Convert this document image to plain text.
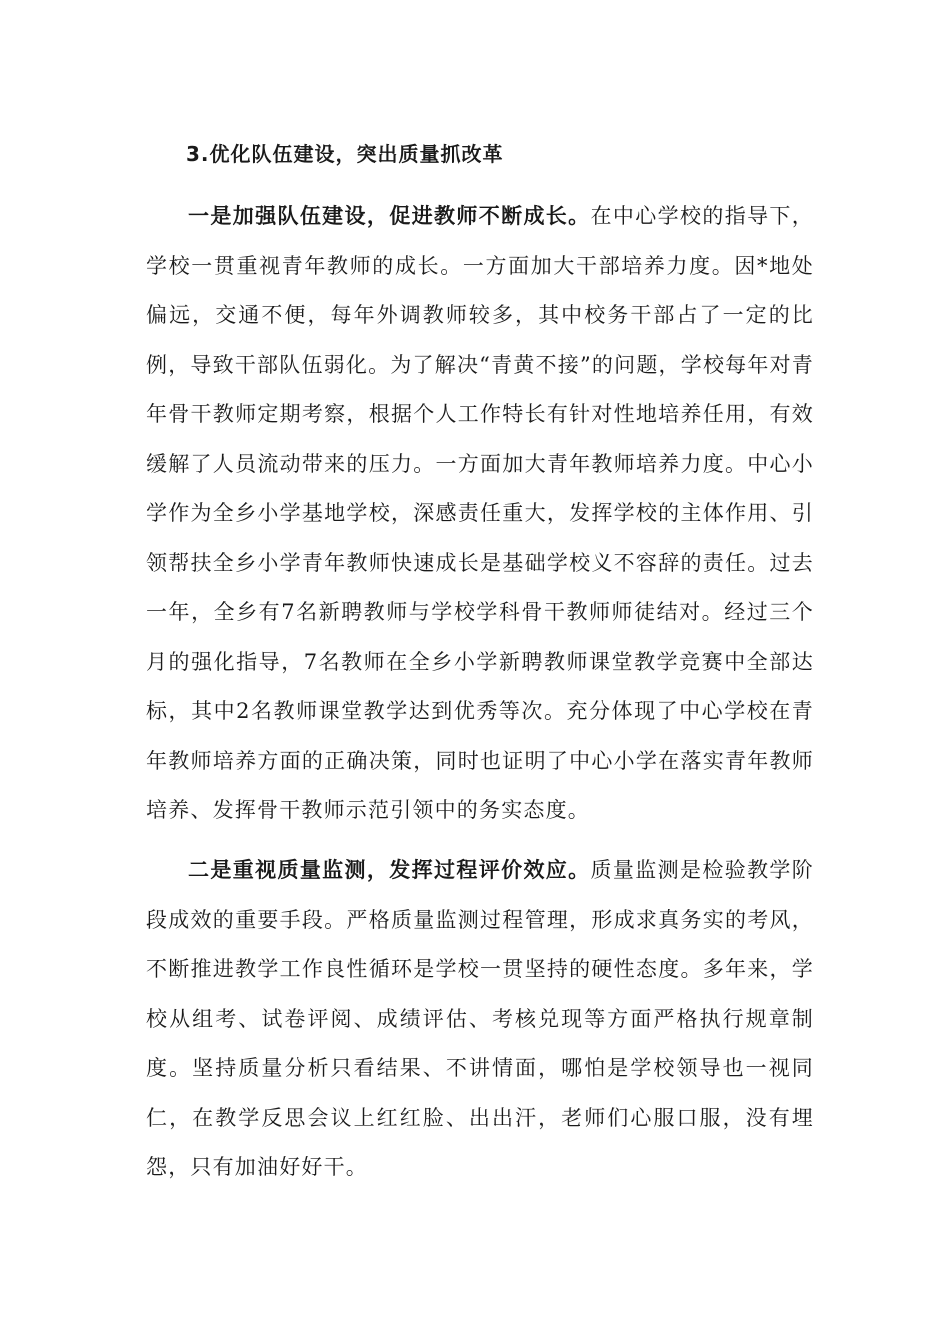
3.优化队伍建设，突出质量抓改革

一是加强队伍建设，促进教师不断成长。在中心学校的指导下，学校一贯重视青年教师的成长。一方面加大干部培养力度。因*地处偏远，交通不便，每年外调教师较多，其中校务干部占了一定的比例，导致干部队伍弱化。为了解决“青黄不接”的问题，学校每年对青年骨干教师定期考察，根据个人工作特长有针对性地培养任用，有效缓解了人员流动带来的压力。一方面加大青年教师培养力度。中心小学作为全乡小学基地学校，深感责任重大，发挥学校的主体作用、引领帮扶全乡小学青年教师快速成长是基础学校义不容辞的责任。过去一年，全乡有7名新聘教师与学校学科骨干教师师徒结对。经过三个月的强化指导，7名教师在全乡小学新聘教师课堂教学竞赛中全部达标，其中2名教师课堂教学达到优秀等次。充分体现了中心学校在青年教师培养方面的正确决策，同时也证明了中心小学在落实青年教师培养、发挥骨干教师示范引领中的务实态度。

二是重视质量监测，发挥过程评价效应。质量监测是检验教学阶段成效的重要手段。严格质量监测过程管理，形成求真务实的考风，不断推进教学工作良性循环是学校一贯坚持的硬性态度。多年来，学校从组考、试卷评阅、成绩评估、考核兑现等方面严格执行规章制度。坚持质量分析只看结果、不讲情面，哪怕是学校领导也一视同仁，在教学反思会议上红红脸、出出汗，老师们心服口服，没有埋怨，只有加油好好干。
